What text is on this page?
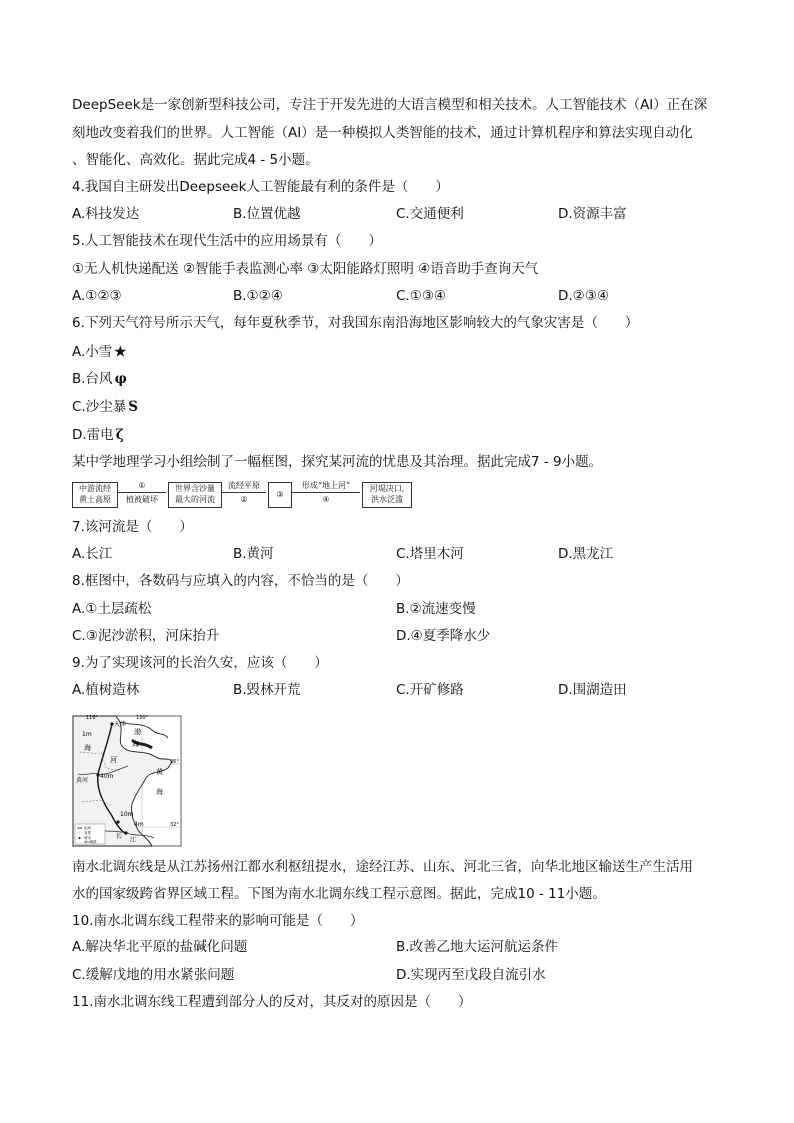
DeepSeek是一家创新型科技公司，专注于开发先进的大语言模型和相关技术。人工智能技术（AI）正在深
刻地改变着我们的世界。人工智能（AI）是一种模拟人类智能的技术，通过计算机程序和算法实现自动化
、智能化、高效化。据此完成4 - 5小题。
4.我国自主研发出Deepseek人工智能最有利的条件是（　　）
A.科技发达	B.位置优越	C.交通便利	D.资源丰富
5.人工智能技术在现代生活中的应用场景有（　　）
①无人机快递配送 ②智能手表监测心率 ③太阳能路灯照明 ④语音助手查询天气
A.①②③	B.①②④	C.①③④	D.②③④
6.下列天气符号所示天气，每年夏秋季节，对我国东南沿海地区影响较大的气象灾害是（　　）
A.小雪 ★
B.台风 φ
C.沙尘暴 S
D.雷电 ζ
某中学地理学习小组绘制了一幅框图，探究某河流的忧患及其治理。据此完成7 - 9小题。
中游流经
黄土高原
①
植被破坏
世界含沙量
最大的河流
流经平原
②
③
形成“地上河”
④
河堤决口,
洪水泛滥
7.该河流是（　　）
A.长江	B.黄河	C.塔里木河	D.黑龙江
8.框图中，各数码与应填入的内容，不恰当的是（　　）
A.①土层疏松	B.②流速变慢
C.③泥沙淤积，河床抬升	D.④夏季降水少
9.为了实现该河的长治久安，应该（　　）
A.植树造林	B.毁林开荒	C.开矿修路	D.围湖造田
116°	120°
36°
32°
天津
1m	渤
海
海
河
黄
海
黄河
40m
10m
4m
长
江
运河
省界
城市
4m海拔
南水北调东线是从江苏扬州江都水利枢纽提水，途经江苏、山东、河北三省，向华北地区输送生产生活用
水的国家级跨省界区域工程。下图为南水北调东线工程示意图。据此，完成10 - 11小题。
10.南水北调东线工程带来的影响可能是（　　）
A.解决华北平原的盐碱化问题	B.改善乙地大运河航运条件
C.缓解戊地的用水紧张问题	D.实现丙至戊段自流引水
11.南水北调东线工程遭到部分人的反对，其反对的原因是（　　）
